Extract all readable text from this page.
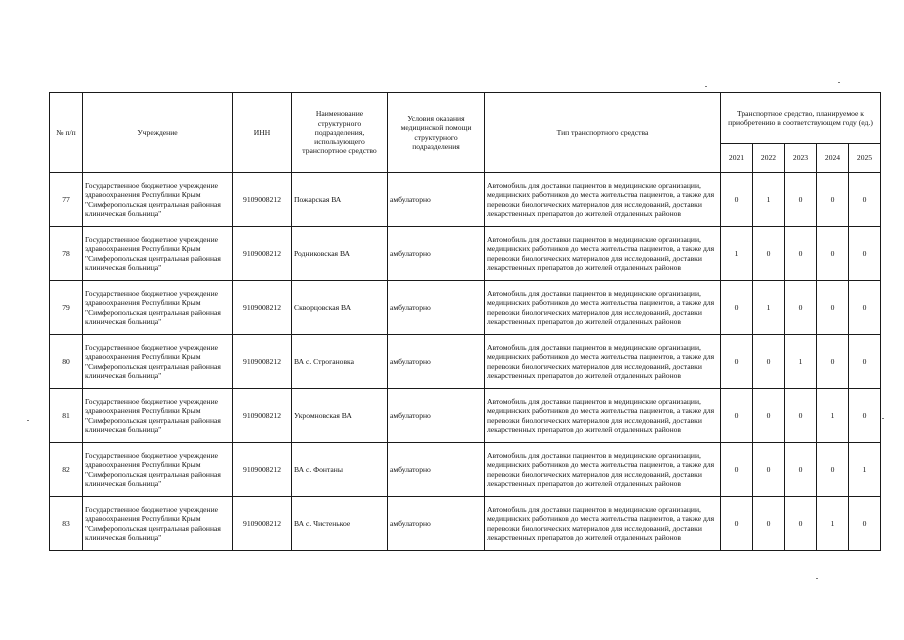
№ п/п	Учреждение	ИНН	Наименование структурного подразделения, использующего транспортное средство	Условия оказания медицинской помощи структурного подразделения	Тип транспортного средства	Транспортное средство, планируемое к приобретению в соответствующем году (ед.)				
						2021	2022	2023	2024	2025
77	Государственное бюджетное учреждение здравоохранения Республики Крым "Симферопольская центральная районная клиническая больница"	9109008212	Пожарская ВА	амбулаторно	Автомобиль для доставки пациентов в медицинские организации, медицинских работников до места жительства пациентов, а также для перевозки биологических материалов для исследований, доставки лекарственных препаратов до жителей отдаленных районов	0	1	0	0	0
78	Государственное бюджетное учреждение здравоохранения Республики Крым "Симферопольская центральная районная клиническая больница"	9109008212	Родниковская ВА	амбулаторно	Автомобиль для доставки пациентов в медицинские организации, медицинских работников до места жительства пациентов, а также для перевозки биологических материалов для исследований, доставки лекарственных препаратов до жителей отдаленных районов	1	0	0	0	0
79	Государственное бюджетное учреждение здравоохранения Республики Крым "Симферопольская центральная районная клиническая больница"	9109008212	Скворцовская ВА	амбулаторно	Автомобиль для доставки пациентов в медицинские организации, медицинских работников до места жительства пациентов, а также для перевозки биологических материалов для исследований, доставки лекарственных препаратов до жителей отдаленных районов	0	1	0	0	0
80	Государственное бюджетное учреждение здравоохранения Республики Крым "Симферопольская центральная районная клиническая больница"	9109008212	ВА с. Строгановка	амбулаторно	Автомобиль для доставки пациентов в медицинские организации, медицинских работников до места жительства пациентов, а также для перевозки биологических материалов для исследований, доставки лекарственных препаратов до жителей отдаленных районов	0	0	1	0	0
81	Государственное бюджетное учреждение здравоохранения Республики Крым "Симферопольская центральная районная клиническая больница"	9109008212	Укромновская ВА	амбулаторно	Автомобиль для доставки пациентов в медицинские организации, медицинских работников до места жительства пациентов, а также для перевозки биологических материалов для исследований, доставки лекарственных препаратов до жителей отдаленных районов	0	0	0	1	0
82	Государственное бюджетное учреждение здравоохранения Республики Крым "Симферопольская центральная районная клиническая больница"	9109008212	ВА с. Фонтаны	амбулаторно	Автомобиль для доставки пациентов в медицинские организации, медицинских работников до места жительства пациентов, а также для перевозки биологических материалов для исследований, доставки лекарственных препаратов до жителей отдаленных районов	0	0	0	0	1
83	Государственное бюджетное учреждение здравоохранения Республики Крым "Симферопольская центральная районная клиническая больница"	9109008212	ВА с. Чистенькое	амбулаторно	Автомобиль для доставки пациентов в медицинские организации, медицинских работников до места жительства пациентов, а также для перевозки биологических материалов для исследований, доставки лекарственных препаратов до жителей отдаленных районов	0	0	0	1	0
